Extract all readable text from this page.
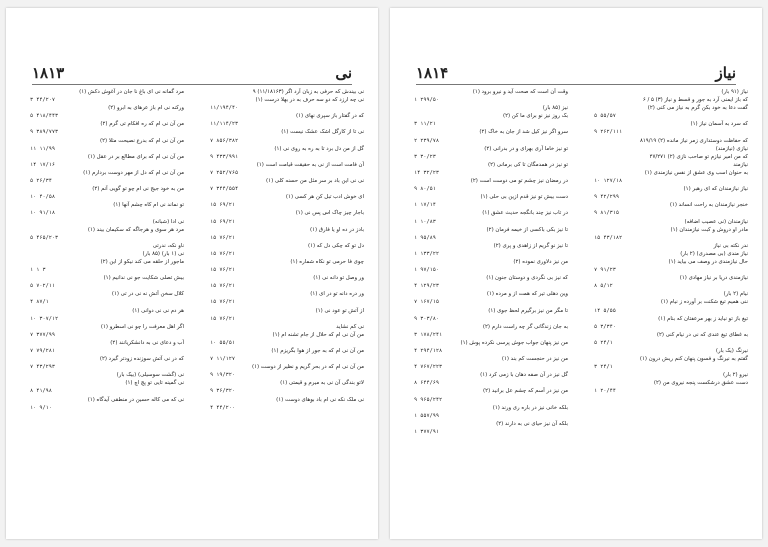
۱۸۱۳	نی
نی بیندش که حرفی به زبان آرد اگر (۱۱/۱۸۱۶۳) ۹
نی چه ارزد که دو سه حرف به در بهلا درست (۱)
۱۱/۱۹۴/۴۰
که در گفتار باز سپری نهای (۱)
۱۱/۱۱۴/۲۳
نی تا از کارگل اشک عشک نیست (۱)
۷ ۸۵۶/۳۸۲
گل از من دل برد تا به ره به روی نی (۱)
۹ ۴۳۳/۹۹۱
آن فامت است از نی به حقیقت قیامت است (۱)
۷ ۲۵۲/۷۶۵
نی نی این باد بر سر مثل من حسنه کلی (۱)
۷ ۳۴۴/۵۵۴
ای خوش ادب تبل کن هر کسی (۱)
۱۵ ۶۹/۲۱
باجار چیز چاک اس پس نی (۱)
۱۵ ۶۹/۲۱
بادز در ده او یا فارق (۱)
۱۵ ۷۶/۲۱
دل تو که چکی دل که (۱)
۱۵ ۷۶/۲۱
چوی فا حرمی تو نکاه شماره (۱)
۱۵ ۷۶/۲۱
ور وصل تو دانه نی (۱)
۱۵ ۷۶/۲۱
ور دره دانه تو در ای (۱)
۱۵ ۷۶/۲۱
از آتش تو عود نی (۱)
۱۵ ۷۶/۲۱
نی کم نشاید
من آن نی ام که حلال از جام تشنه ام (۱)
۱۰ ۵۵/۵۱
من آن نی ام که به جور از هوا بگریزم (۱)
۷ ۱۱/۱۲۷
من آن نی ام که در بحر گریم و نظیر از دوست (۱)
۹ ۱۹/۳۲۰
لاتو بندگی آن نی به میرم و قیمتی (۱)
۹ ۳۶/۳۲۰
نی ملک نکه نی ام باد بوهای دوست (۱)
۴ ۴۴/۲۰۰
مرد گمانه نی ای باغ نا جان در آغوش دکش (۱)
۳ ۴۴/۲۰۷
ورکنه نی ام باز عرهای به ابرو (۲)
۵ ۴۱۸/۴۴۳
من آن نی ام که ره افکام تی گرم (۲)
۹ ۳۸۹/۷۷۳
من آن نی ام که بدرع نصیحت مثلا (۲)
۱۱ ۱۱/۹۹
من آن نی ام که برای مطالع بر در عقل (۱)
۱۴ ۱۷/۱۶
من آن نی ام که دل از مهر دوست بردارم (۱)
۵ ۲۶/۳۴
من به خود جیج نی ام چو تو گویی آنم (۲)
۱۰ ۴۰/۵۸
تو نماند نی ام کاه چشم آنها (۱)
۱۰ ۹۱/۱۸
نی ادا (شبانه)
مرد هر سوی و هرجاگه که سکیمان بیند (۱)
۵ ۴۶۵/۲۰۳
ناو نکه، ندرتی
نی (۱ بار) (۸۵ بار)
ماجور از حلقه می کند نیکو از این (۲)
۱ ۱ ۳
بیش تصلی شکایت جو نی ندانیم (۱)
۵ ۷۰۲/۱۱
کلال سخن آتش نه نی در تی (۱)
۴ ۸۷/۱
هر دم نی نی دوانی (۱)
۱۰ ۳۰۷/۱۲
اگر اهل معرفت را چو نی اسطرو (۱)
۷ ۳۷۷/۹۹
آب و دعای نی به دانشکریانند (۲)
۷ ۷۹/۲۸۱
که در نی آتش سوزنده زودتر گیرد (۲)
۷ ۴۳/۲۹۳
نی (گشت سوسیلی) (بیک بار)
نی گمینه تایی تو پچ اچ (۱)
۸ ۴۱/۹۸
نی که می کاله حسین در منطقی آیدگاه (۱)
۱۰ ۹/۱۰
۱۸۱۴	نیاز
نیاز (۹۱ بار)
که باز ایمنی آرد به جور و قسط و نیاز (۳) ۵ / ۶
گفت دعا به خود بکن گرم به نیاز می کنی (۲)
۵ ۵۵/۵۷
که سرد به آسمان نیاز (۱)
۹ ۲۶۲/۱۱۱
که حفاظت دوستداری زمر نیاز مانده (۲) ۸۱۹/۱۹
نیازی (نیازمند)
که من امیر نیازم تو صاحب نازی (۲) ۴۷/۲۷۱
نیازمند
به حنوان اسب وی عشق از نفس نیازمندی (۱)
۱۰ ۱۲۷/۱۸
نیاز نیازمندان که ای رهبر (۱)
۹ ۴۲/۲۹۹
خنجر نیازمندان به راحت انساند (۱)
۹ ۸۱/۳۱۵
نیازمندان (نی عصیب اضافه)
مادر او دروش و کبت نیازمندان (۱)
۱۵ ۴۳/۱۸۲
ندر نکته بی نیاز
نیاز مندی (بی مصدری) (۲ بار)
حال نیازمندی در وصف می بیاید (۱)
۷ ۹۱/۲۳
نیازمندی دریا بر نیاز مهادی (۱)
۸ ۵/۱۲
نیام (۲ بار)
ننی همیم تیغ شکنت بر آورده ز نیام (۱)
۱۴ ۵/۵۵
تیغ باز تو نیاید ز بهر مرعفتان که بنام (۱)
۵ ۳/۳۴۰
به غطای تیغ عندی که نی در نیام کنی (۲)
۵ ۲۴/۱
نیرنگ (یک بار)
گفتم به نیرنگ و فسون پنهان کنم ریش درون (۱)
۳ ۲۴/۱
نیرو (۲ بار)
دست عشق درشکست پنجه نیروی من (۲)
۱ ۲۰/۴۴
وقت آن است که صحت آید و نیرو برود (۱)
۱ ۲۹۹/۵۰
نیز (۸۵ بار)
بک روز نیز نو برای ما کن (۲)
۳ ۱۱/۲۱
سرو اگر نیز کیل شد از جان به خاک (۲)
۲ ۲۳۹/۷۸
تو نیز خاما آری بهرای و در بدرانی (۲)
۳ ۳۰/۲۳
تو نیز در همدمگان تا کی برمانی (۲)
۱۴ ۳۲/۲۳
در رمضان نیز چشم تو می دوست است (۲)
۹ ۸۰/۵۱
دست بیش تو نیز قدم ازین بی حلی (۱)
۱ ۱۷/۱۴
در تاب نیز چند بانگجه حدیث عشق (۱)
۱ ۱۰/۸۳
تا نیز بکی باکسی از خیمه فرمان (۲)
۱ ۹۵/۸۹
تا نیز نو گریم از زاهدی و پری (۲)
۱ ۱۳۳/۲۲
من نیز دلاوری نموده (۲)
۱ ۹۷/۱۵۰
که نیز بی نگردی و دوستان جنون (۱)
۴ ۱۲۹/۲۳
وین دهلی تیر که همت از و مرده (۱)
۷ ۱۶۷/۱۵
تا مگر من نیز برگیرم لحظ جوی (۱)
۹ ۳۰۳/۸۰
به جان زندگانی گر چه راست دارم (۲)
۳ ۱۷۸/۲۴۱
من نیز پنهان جواب جوش پرسی نکرده پوش (۱)
۴ ۲۹۴/۱۲۸
من نیز در حنجست کم بند (۱)
۴ ۷۶۷/۲۲۳
گل نیز در آن صفه دهان با زمی کرد (۱)
۸ ۶۴۴/۶۹
من نیز در آسم که چشم عل برانید (۲)
۹ ۹۶۵/۲۴۲
بلکه خانی نیز در باره ری ورند (۱)
۱ ۵۵۷/۹۹
بلکه آن نیز حیای نی به دارند (۲)
۱ ۳۷۷/۹۱
